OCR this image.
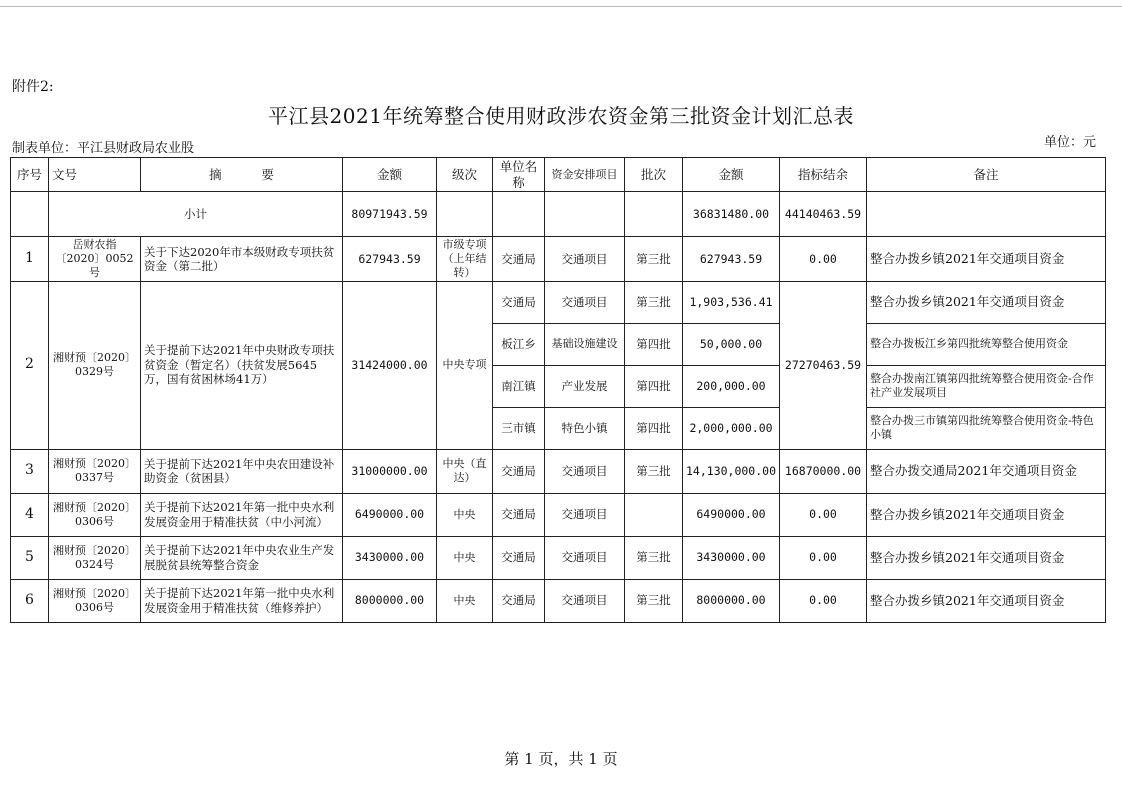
附件2:
平江县2021年统筹整合使用财政涉农资金第三批资金计划汇总表
制表单位：平江县财政局农业股	单位：元
序号	文号	摘          要	金额	级次	单位名称	资金安排项目	批次	金额	指标结余	备注
	小计		80971943.59					36831480.00	44140463.59	
1	岳财农指〔2020〕0052号	关于下达2020年市本级财政专项扶贫资金（第二批）	627943.59	市级专项（上年结转）	交通局	交通项目	第三批	627943.59	0.00	整合办拨乡镇2021年交通项目资金
2	湘财预〔2020〕0329号	关于提前下达2021年中央财政专项扶贫资金（暂定名）（扶贫发展5645万，国有贫困林场41万）	31424000.00	中央专项	交通局	交通项目	第三批	1,903,536.41	27270463.59	整合办拨乡镇2021年交通项目资金
					板江乡	基础设施建设	第四批	50,000.00		整合办拨板江乡第四批统筹整合使用资金
					南江镇	产业发展	第四批	200,000.00		整合办拨南江镇第四批统筹整合使用资金-合作社产业发展项目
					三市镇	特色小镇	第四批	2,000,000.00		整合办拨三市镇第四批统筹整合使用资金-特色小镇
3	湘财预〔2020〕0337号	关于提前下达2021年中央农田建设补助资金（贫困县）	31000000.00	中央（直达）	交通局	交通项目	第三批	14,130,000.00	16870000.00	整合办拨交通局2021年交通项目资金
4	湘财预〔2020〕0306号	关于提前下达2021年第一批中央水利发展资金用于精准扶贫（中小河流）	6490000.00	中央	交通局	交通项目		6490000.00	0.00	整合办拨乡镇2021年交通项目资金
5	湘财预〔2020〕0324号	关于提前下达2021年中央农业生产发展脱贫县统筹整合资金	3430000.00	中央	交通局	交通项目	第三批	3430000.00	0.00	整合办拨乡镇2021年交通项目资金
6	湘财预〔2020〕0306号	关于提前下达2021年第一批中央水利发展资金用于精准扶贫（维修养护）	8000000.00	中央	交通局	交通项目	第三批	8000000.00	0.00	整合办拨乡镇2021年交通项目资金
第 1 页，共 1 页
